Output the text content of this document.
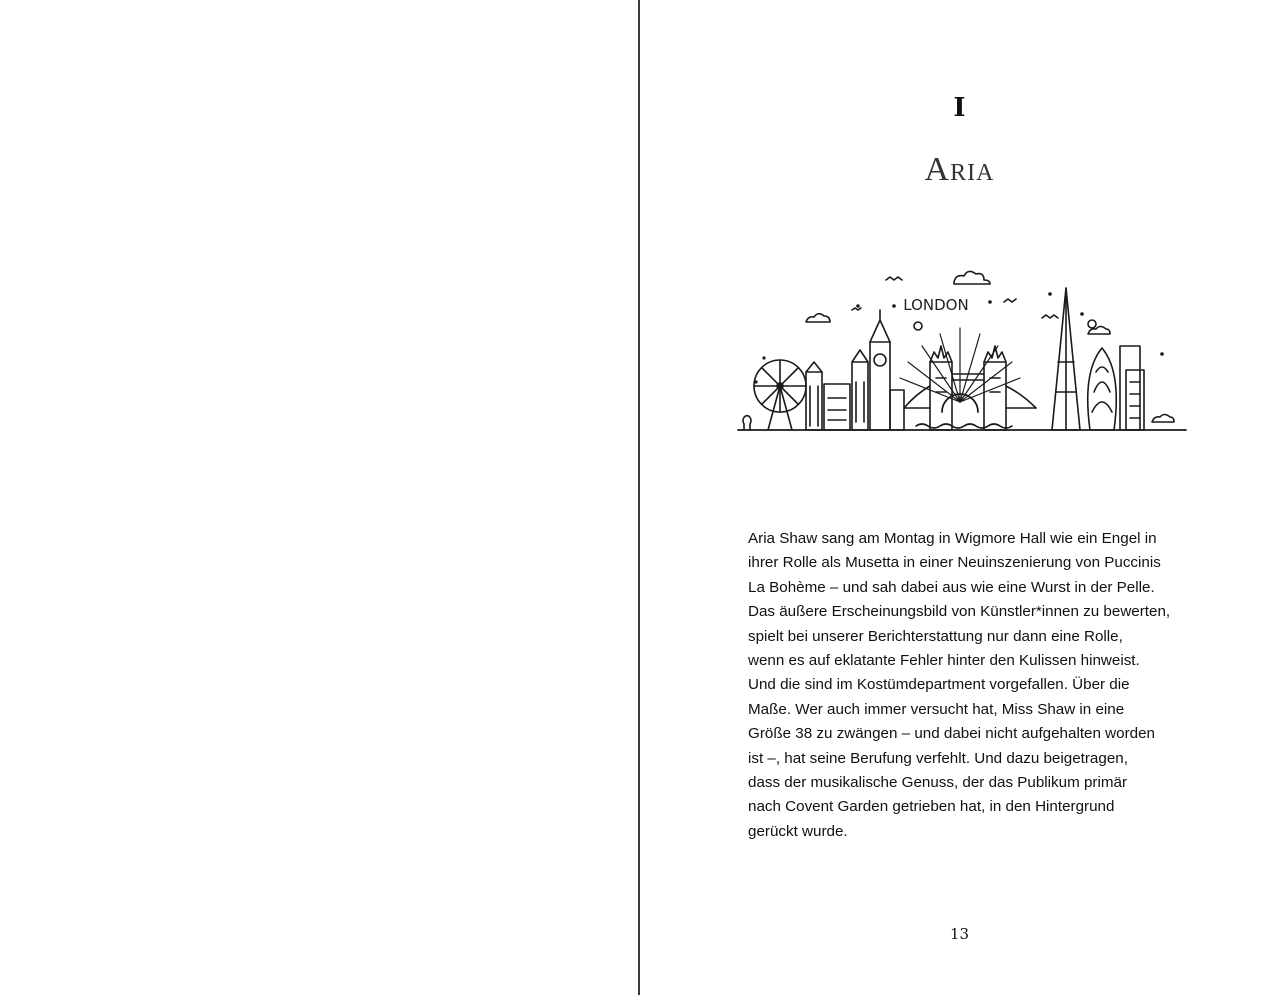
I
Aria
LONDON
Aria Shaw sang am Montag in Wigmore Hall wie ein Engel in
ihrer Rolle als Musetta in einer Neuinszenierung von Puccinis
La Bohème – und sah dabei aus wie eine Wurst in der Pelle.
Das äußere Erscheinungsbild von Künstler*innen zu bewerten,
spielt bei unserer Berichterstattung nur dann eine Rolle,
wenn es auf eklatante Fehler hinter den Kulissen hinweist.
Und die sind im Kostümdepartment vorgefallen. Über die
Maße. Wer auch immer versucht hat, Miss Shaw in eine
Größe 38 zu zwängen – und dabei nicht aufgehalten worden
ist –, hat seine Berufung verfehlt. Und dazu beigetragen,
dass der musikalische Genuss, der das Publikum primär
nach Covent Garden getrieben hat, in den Hintergrund
gerückt wurde.
13
